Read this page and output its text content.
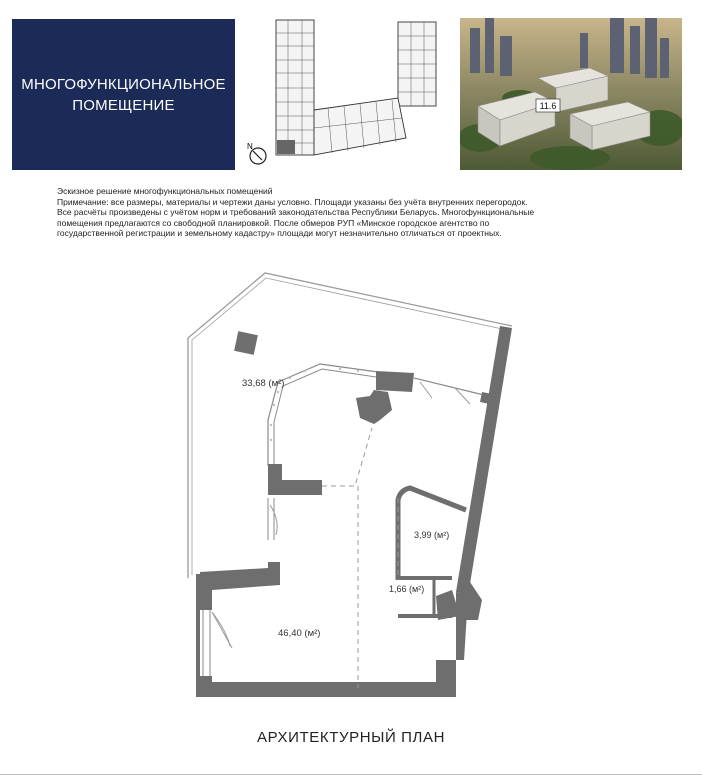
МНОГОФУНКЦИОНАЛЬНОЕ
ПОМЕЩЕНИЕ
N
11.6

Эскизное решение многофункциональных помещений

Примечание: все размеры, материалы и чертежи даны условно. Площади указаны без учёта внутренних перегородок.

Все расчёты произведены с учётом норм и требований законодательства Республики Беларусь. Многофункциональные

помещения предлагаются со свободной планировкой. После обмеров РУП «Минское городское агентство по

государственной регистрации и земельному кадастру» площади могут незначительно отличаться от проектных.

33,68 (м²)
46,40 (м²)
3,99 (м²)
1,66 (м²)
АРХИТЕКТУРНЫЙ ПЛАН
